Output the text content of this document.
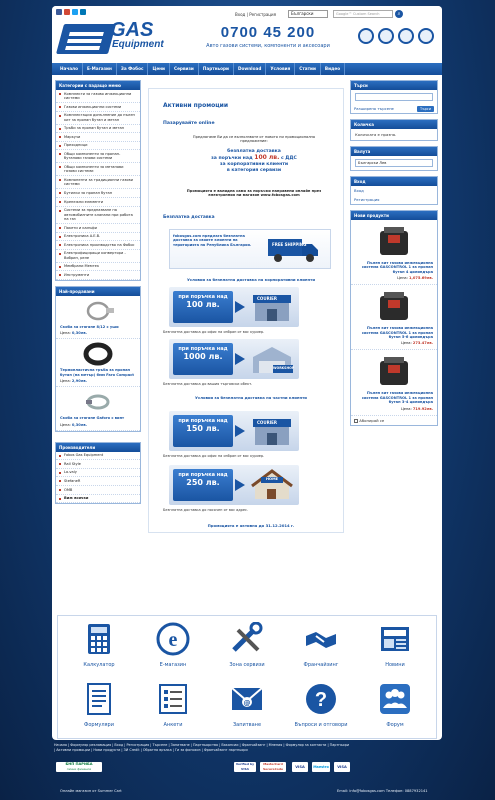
GAS
Equipment
Вход | Регистрация	Български	Google™ Custom Search	⌕
0700 45 200
Авто газови системи, компоненти и аксесоари
Начало	Е-Магазин	За Фобос	Цени	Сервизи	Партньори	Download	Условия	Статии	Видео
Категории с падащо меню
Комплекти за газово инжекционни системи
Газови инжекционни системи
Комплектация допълнение до пълен кит за пропан бутан и метан
Тръби за пропан бутан и метан
Маркучи
Преходници
Общи компоненти за пропан-бутанови газови системи
Общи компоненти за метанови газови системи
Компоненти за традиционни газови системи
Бутилки за пропан бутан
Крепежни елементи
Системи за предпазване на автомобилните клапани при работа на газ
Пакети и калъфи
Електроника A.E.B.
Електроника производство на Фобос
Електрофициращи конвертори - Вобрин, реле
Мембрани Мемтек
Инструменти
Най-продавани
Скоба за стягане 8/12 с уши
Цена: 0,30лв.
Термопластична тръба за пропан бутан (на метър) 6мм Faro Compact
Цена: 2,90лв.
Скоба за стягане Gaforo с винт
Цена: 0,30лв.
Производители
Fobos Gas Equipment
Rail Style
Lo-valy
StefaneR
OMB
Виж всички
Активни промоции
Пазарувайте online
Предлагаме Ви да се възползвате от новото ни промоционално предложение:
безплатна доставка
за поръчки над 100 лв. с ДДС
за корпоративни клиенти
в категория сервизи
Промоцията е валидна само за поръчки направени онлайн през електронния ни магазин www.fobosgas.com
Безплатна доставка
fobosgas.com предлага безплатна доставка за своите клиенти на територията на Република България.	FREE SHIPPING
Условия за безплатна доставка на корпоративни клиенти
при поръчка над
100 лв.
COURIER
Безплатна доставка до офис на избран от вас куриер.
при поръчка над
1000 лв.
WORKSHOP
Безплатна доставка до вашия търговски обект.
Условия за безплатна доставка на частни клиенти
при поръчка над
150 лв.
COURIER
Безплатна доставка до офис на избран от вас куриер.
при поръчка над
250 лв.	HOME
Безплатна доставка до посочен от вас адрес.
Промоцията е активна до 31.12.2014 г.
Търси
Разширено търсене	Търси
Количка
Количката е празна.
Валута
Български Лев
Вход
Вход
Регистрация
Нови продукти
Пълен кит газова инжекционна система GASCONTROL 1 за пропан бутан 4 цилиндъра
Цена: 1,075.69лв.
Пълен кит газова инжекционна система GASCONTROL 1 за пропан бутан 5-6 цилиндъра
Цена: 273.47лв.
Пълен кит газова инжекционна система GASCONTROL 1 за пропан бутан 3-4 цилиндъра
Цена: 719.92лв.
Абонирай се
Калкулатор
e
Е-магазин	Зона сервизи	Франчайзинг	Новини
Формуляри	Анкети
@
Запитване
?
Въпроси и отговори	Форум
Начало | Формуляр рекламация | Вход | Регистрация | Търсене | Запитване | Партньорство | Вакансии | Франчайзинг | Мнения | Формуляр за контакти | Партньори
| Активни промоции | Нови продукти | ЗИ Credit | Обратна връзка | Ги за фонохиз | Франчайзинг партньори
БНП ПАРИБА
лични финанси
Verified by VISA
MasterCard SecureCode	VISA	Maestro	VISA
Онлайн магазин от Summer Cart	Email: info@fobosgas.com Телефон: 0887932141
